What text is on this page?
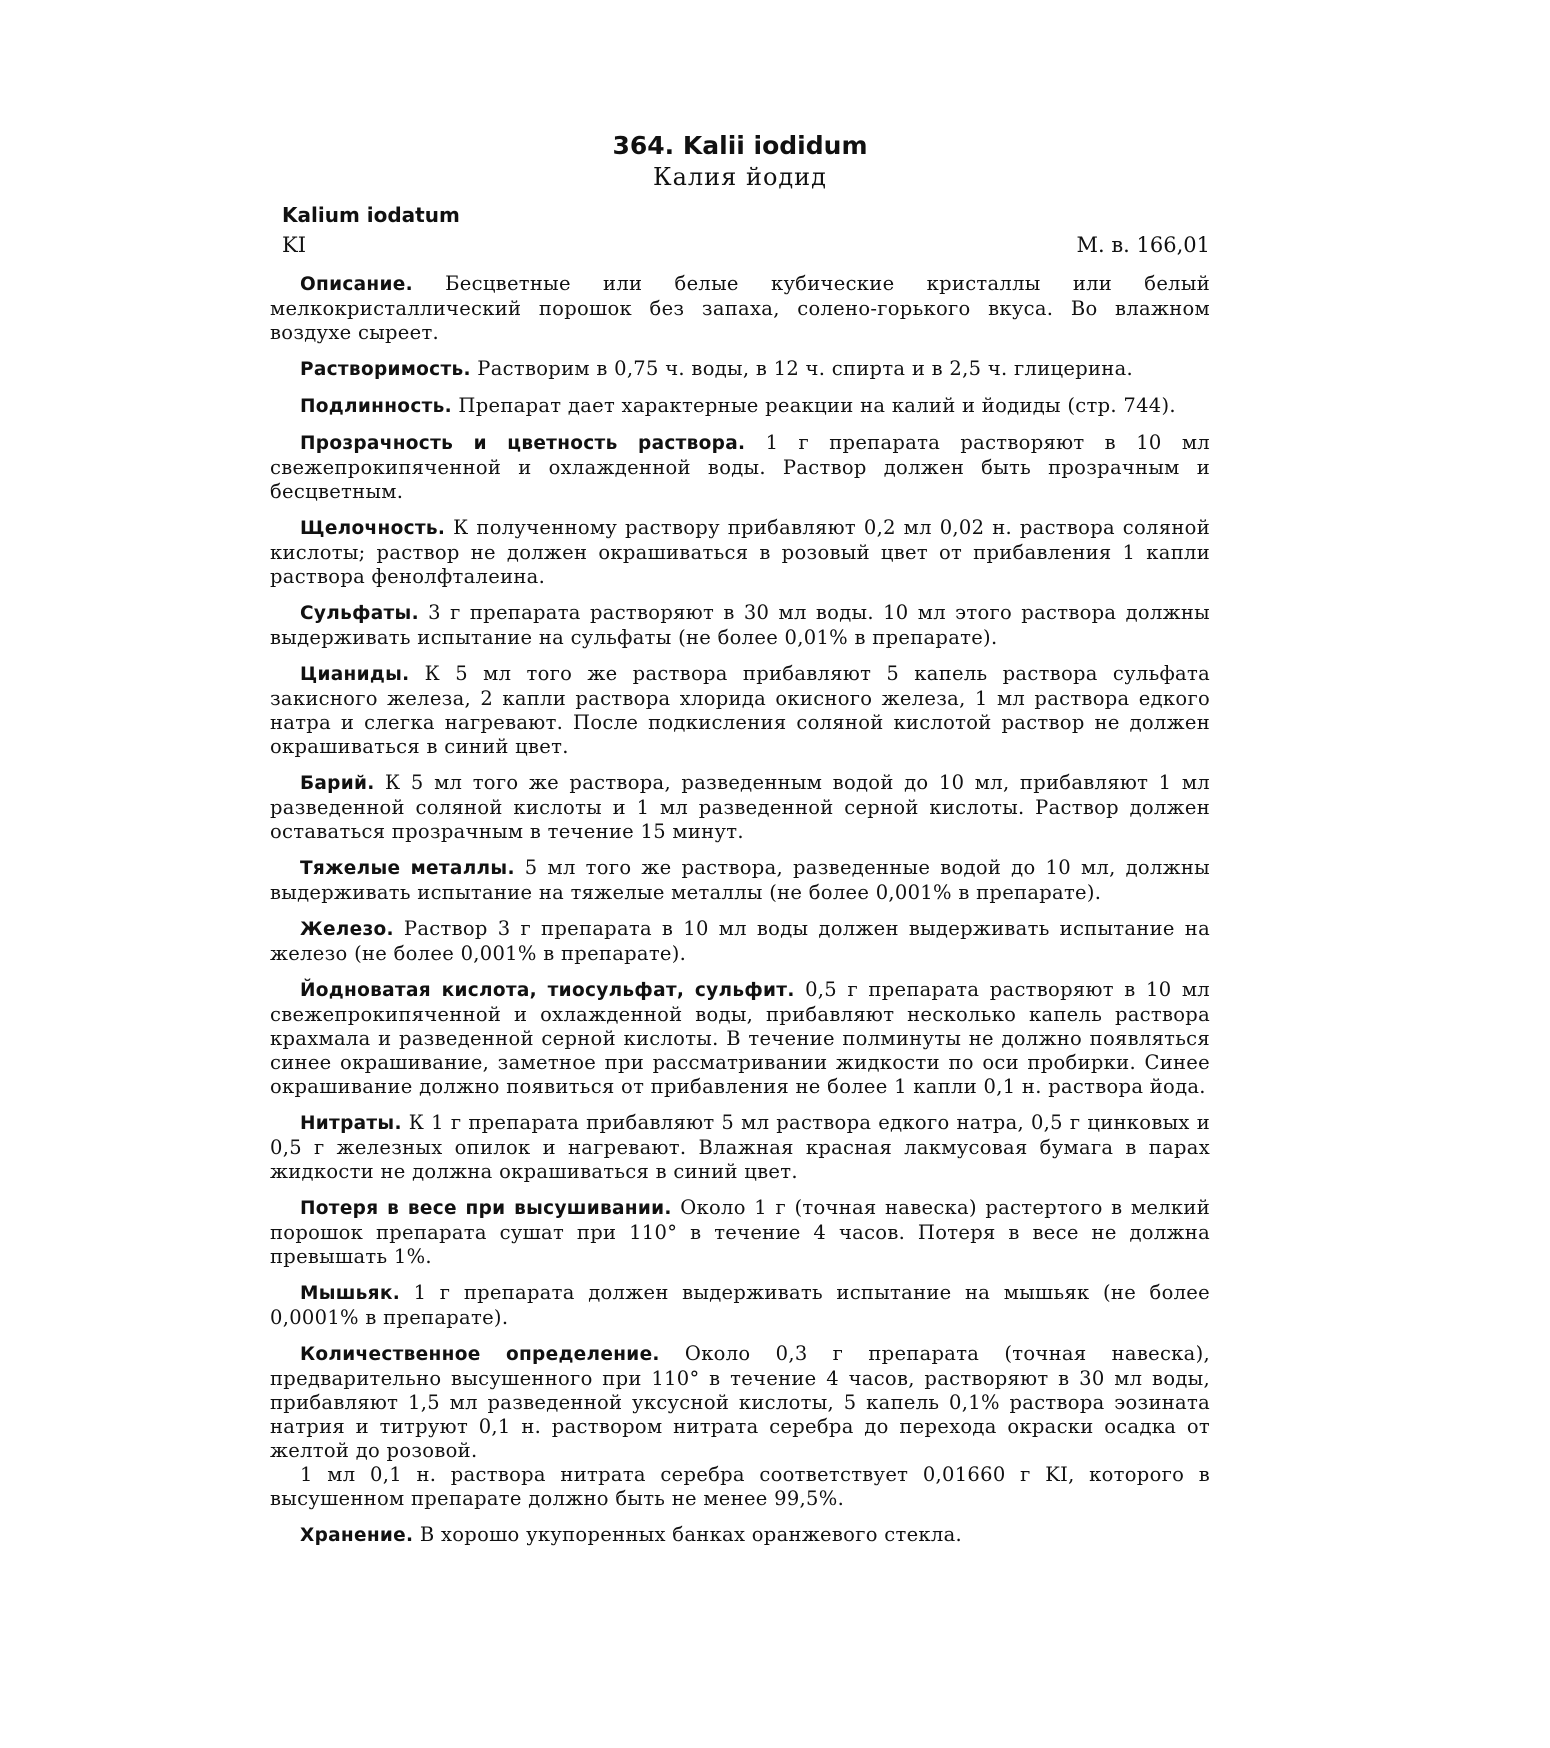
364. Kalii iodidum
Калия йодид
Kalium iodatum
KI	М. в. 166,01

Описание. Бесцветные или белые кубические кристаллы или белый мелкокристаллический порошок без запаха, солено-горького вкуса. Во влажном воздухе сыреет.

Растворимость. Растворим в 0,75 ч. воды, в 12 ч. спирта и в 2,5 ч. глицерина.

Подлинность. Препарат дает характерные реакции на калий и йодиды (стр. 744).

Прозрачность и цветность раствора. 1 г препарата растворяют в 10 мл свежепрокипяченной и охлажденной воды. Раствор должен быть прозрачным и бесцветным.

Щелочность. К полученному раствору прибавляют 0,2 мл 0,02 н. раствора соляной кислоты; раствор не должен окрашиваться в розовый цвет от прибавления 1 капли раствора фенолфталеина.

Сульфаты. 3 г препарата растворяют в 30 мл воды. 10 мл этого раствора должны выдерживать испытание на сульфаты (не более 0,01% в препарате).

Цианиды. К 5 мл того же раствора прибавляют 5 капель раствора сульфата закисного железа, 2 капли раствора хлорида окисного железа, 1 мл раствора едкого натра и слегка нагревают. После подкисления соляной кислотой раствор не должен окрашиваться в синий цвет.

Барий. К 5 мл того же раствора, разведенным водой до 10 мл, прибавляют 1 мл разведенной соляной кислоты и 1 мл разведенной серной кислоты. Раствор должен оставаться прозрачным в течение 15 минут.

Тяжелые металлы. 5 мл того же раствора, разведенные водой до 10 мл, должны выдерживать испытание на тяжелые металлы (не более 0,001% в препарате).

Железо. Раствор 3 г препарата в 10 мл воды должен выдерживать испытание на железо (не более 0,001% в препарате).

Йодноватая кислота, тиосульфат, сульфит. 0,5 г препарата растворяют в 10 мл свежепрокипяченной и охлажденной воды, прибавляют несколько капель раствора крахмала и разведенной серной кислоты. В течение полминуты не должно появляться синее окрашивание, заметное при рассматривании жидкости по оси пробирки. Синее окрашивание должно появиться от прибавления не более 1 капли 0,1 н. раствора йода.

Нитраты. К 1 г препарата прибавляют 5 мл раствора едкого натра, 0,5 г цинковых и 0,5 г железных опилок и нагревают. Влажная красная лакмусовая бумага в парах жидкости не должна окрашиваться в синий цвет.

Потеря в весе при высушивании. Около 1 г (точная навеска) растертого в мелкий порошок препарата сушат при 110° в течение 4 часов. Потеря в весе не должна превышать 1%.

Мышьяк. 1 г препарата должен выдерживать испытание на мышьяк (не более 0,0001% в препарате).

Количественное определение. Около 0,3 г препарата (точная навеска), предварительно высушенного при 110° в течение 4 часов, растворяют в 30 мл воды, прибавляют 1,5 мл разведенной уксусной кислоты, 5 капель 0,1% раствора эозината натрия и титруют 0,1 н. раствором нитрата серебра до перехода окраски осадка от желтой до розовой.

1 мл 0,1 н. раствора нитрата серебра соответствует 0,01660 г KI, которого в высушенном препарате должно быть не менее 99,5%.

Хранение. В хорошо укупоренных банках оранжевого стекла.
